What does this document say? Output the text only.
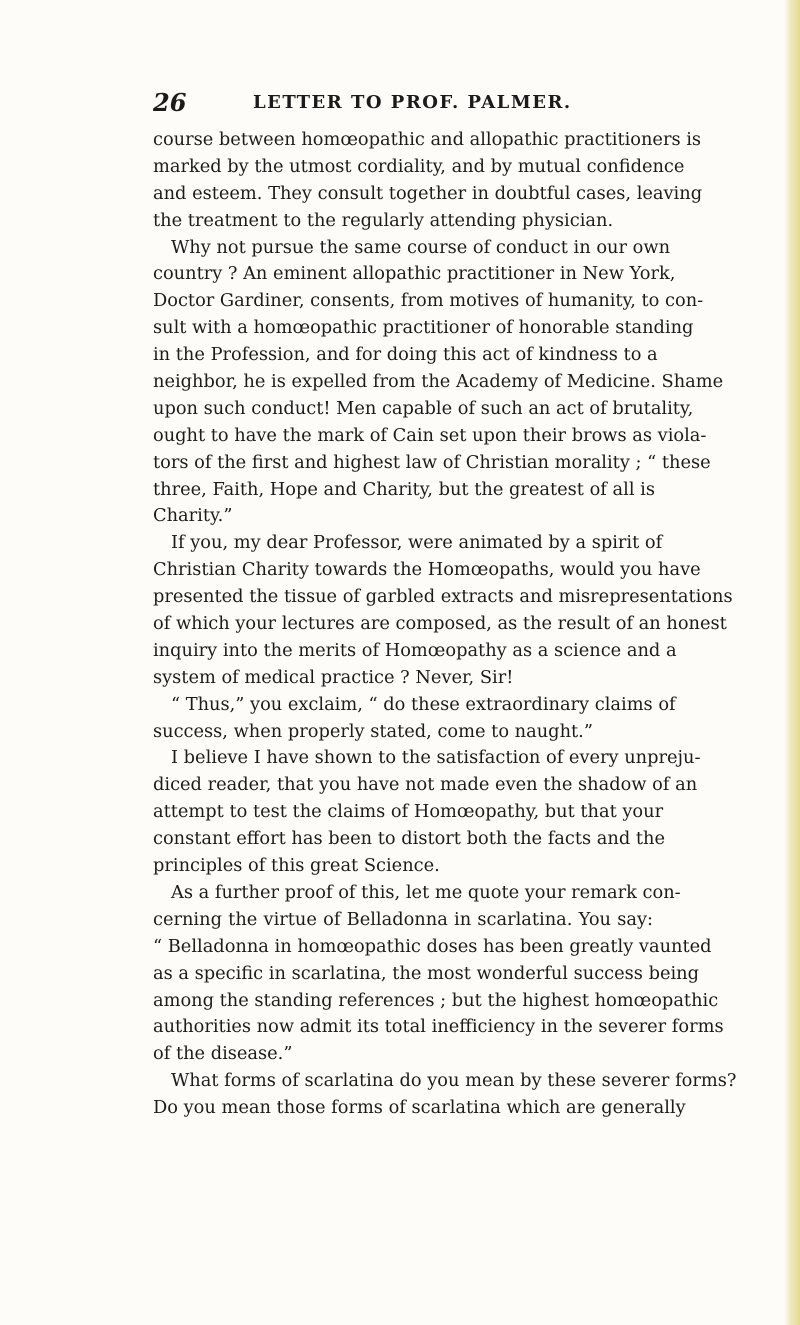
26	LETTER TO PROF. PALMER.
course between homœopathic and allopathic practitioners is
marked by the utmost cordiality, and by mutual confidence
and esteem. They consult together in doubtful cases, leaving
the treatment to the regularly attending physician.
Why not pursue the same course of conduct in our own
country ? An eminent allopathic practitioner in New York,
Doctor Gardiner, consents, from motives of humanity, to con-
sult with a homœopathic practitioner of honorable standing
in the Profession, and for doing this act of kindness to a
neighbor, he is expelled from the Academy of Medicine. Shame
upon such conduct! Men capable of such an act of brutality,
ought to have the mark of Cain set upon their brows as viola-
tors of the first and highest law of Christian morality ; “ these
three, Faith, Hope and Charity, but the greatest of all is
Charity.”
If you, my dear Professor, were animated by a spirit of
Christian Charity towards the Homœopaths, would you have
presented the tissue of garbled extracts and misrepresentations
of which your lectures are composed, as the result of an honest
inquiry into the merits of Homœopathy as a science and a
system of medical practice ? Never, Sir!
“ Thus,” you exclaim, “ do these extraordinary claims of
success, when properly stated, come to naught.”
I believe I have shown to the satisfaction of every unpreju-
diced reader, that you have not made even the shadow of an
attempt to test the claims of Homœopathy, but that your
constant effort has been to distort both the facts and the
principles of this great Science.
As a further proof of this, let me quote your remark con-
cerning the virtue of Belladonna in scarlatina. You say:
“ Belladonna in homœopathic doses has been greatly vaunted
as a specific in scarlatina, the most wonderful success being
among the standing references ; but the highest homœopathic
authorities now admit its total inefficiency in the severer forms
of the disease.”
What forms of scarlatina do you mean by these severer forms?
Do you mean those forms of scarlatina which are generally
